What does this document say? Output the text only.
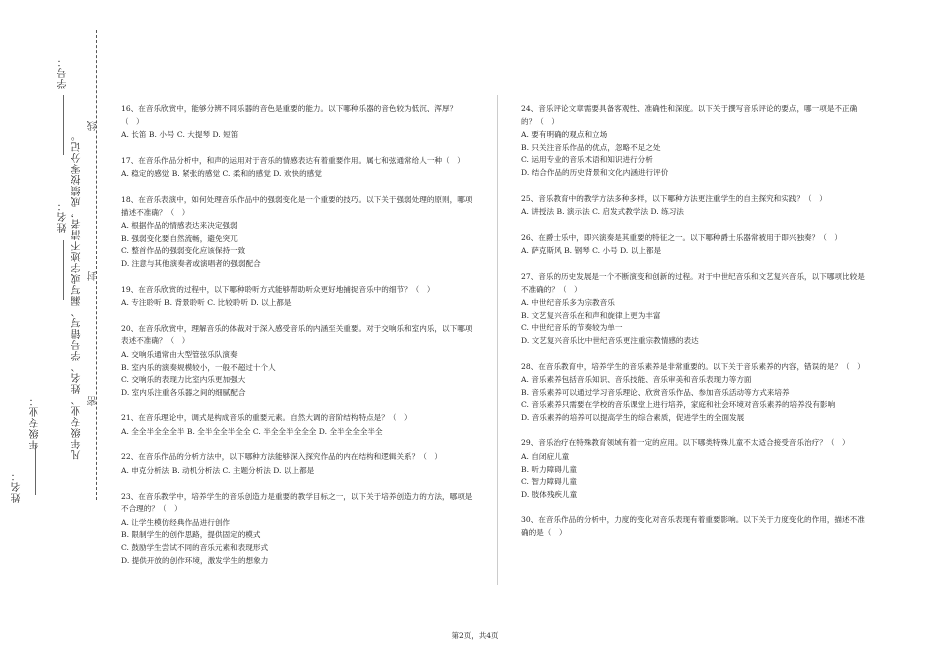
学号：
姓名：
年级专业：	凡年级专业、姓名、学号错写、漏写或字迹不清者，成绩按零分记。
线
封
密
姓名：

16、在音乐欣赏中，能够分辨不同乐器的音色是重要的能力。以下哪种乐器的音色较为低沉、浑厚？（　）

A. 长笛 B. 小号 C. 大提琴 D. 短笛

17、在音乐作品分析中，和声的运用对于音乐的情感表达有着重要作用。属七和弦通常给人一种（　）

A. 稳定的感觉 B. 紧张的感觉 C. 柔和的感觉 D. 欢快的感觉

18、在音乐表演中，如何处理音乐作品中的强弱变化是一个重要的技巧。以下关于强弱处理的原则，哪项描述不准确？（　）

A. 根据作品的情感表达来决定强弱

B. 强弱变化要自然流畅，避免突兀

C. 整首作品的强弱变化应该保持一致

D. 注意与其他演奏者或演唱者的强弱配合

19、在音乐欣赏的过程中，以下哪种聆听方式能够帮助听众更好地捕捉音乐中的细节？（　）

A. 专注聆听 B. 背景聆听 C. 比较聆听 D. 以上都是

20、在音乐欣赏中，理解音乐的体裁对于深入感受音乐的内涵至关重要。对于交响乐和室内乐，以下哪项表述不准确？（　）

A. 交响乐通常由大型管弦乐队演奏

B. 室内乐的演奏规模较小，一般不超过十个人

C. 交响乐的表现力比室内乐更加强大

D. 室内乐注重各乐器之间的细腻配合

21、在音乐理论中，调式是构成音乐的重要元素。自然大调的音阶结构特点是？（　）

A. 全全半全全全半 B. 全半全全半全全 C. 半全全半全全全 D. 全半全全全半全

22、在音乐作品的分析方法中，以下哪种方法能够深入探究作品的内在结构和逻辑关系？（　）

A. 申克分析法 B. 动机分析法 C. 主题分析法 D. 以上都是

23、在音乐教学中，培养学生的音乐创造力是重要的教学目标之一，以下关于培养创造力的方法，哪项是不合理的？（　）

A. 让学生模仿经典作品进行创作

B. 限制学生的创作思路，提供固定的模式

C. 鼓励学生尝试不同的音乐元素和表现形式

D. 提供开放的创作环境，激发学生的想象力

24、音乐评论文章需要具备客观性、准确性和深度。以下关于撰写音乐评论的要点，哪一项是不正确的？（　）

A. 要有明确的观点和立场

B. 只关注音乐作品的优点，忽略不足之处

C. 运用专业的音乐术语和知识进行分析

D. 结合作品的历史背景和文化内涵进行评价

25、音乐教育中的教学方法多种多样，以下哪种方法更注重学生的自主探究和实践？（　）

A. 讲授法 B. 演示法 C. 启发式教学法 D. 练习法

26、在爵士乐中，即兴演奏是其重要的特征之一。以下哪种爵士乐器常被用于即兴独奏？（　）

A. 萨克斯风 B. 钢琴 C. 小号 D. 以上都是

27、音乐的历史发展是一个不断演变和创新的过程。对于中世纪音乐和文艺复兴音乐，以下哪项比较是不准确的？（　）

A. 中世纪音乐多为宗教音乐

B. 文艺复兴音乐在和声和旋律上更为丰富

C. 中世纪音乐的节奏较为单一

D. 文艺复兴音乐比中世纪音乐更注重宗教情感的表达

28、在音乐教育中，培养学生的音乐素养是非常重要的。以下关于音乐素养的内容，错误的是？（　）

A. 音乐素养包括音乐知识、音乐技能、音乐审美和音乐表现力等方面

B. 音乐素养可以通过学习音乐理论、欣赏音乐作品、参加音乐活动等方式来培养

C. 音乐素养只需要在学校的音乐课堂上进行培养，家庭和社会环境对音乐素养的培养没有影响

D. 音乐素养的培养可以提高学生的综合素质，促进学生的全面发展

29、音乐治疗在特殊教育领域有着一定的应用。以下哪类特殊儿童不太适合接受音乐治疗？（　）

A. 自闭症儿童

B. 听力障碍儿童

C. 智力障碍儿童

D. 肢体残疾儿童

30、在音乐作品的分析中，力度的变化对音乐表现有着重要影响。以下关于力度变化的作用，描述不准确的是（　）

第2页，共4页
